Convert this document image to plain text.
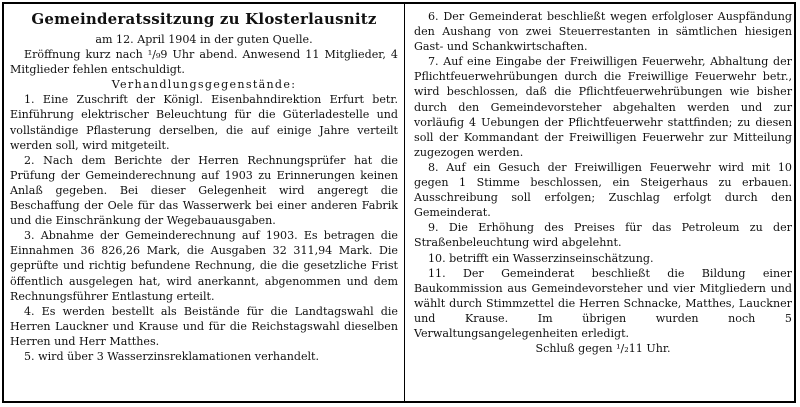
Gemeinderatssitzung zu Klosterlausnitz

am 12. April 1904 in der guten Quelle.

Eröffnung kurz nach ¹/₉9 Uhr abend. Anwesend 11 Mitglieder, 4 Mitglieder fehlen entschuldigt.

Verhandlungsgegenstände:

1. Eine Zuschrift der Königl. Eisenbahndirektion Erfurt betr. Einführung elektrischer Beleuchtung für die Güterladestelle und vollständige Pflasterung derselben, die auf einige Jahre verteilt werden soll, wird mitgeteilt.

2. Nach dem Berichte der Herren Rechnungsprüfer hat die Prüfung der Gemeinderechnung auf 1903 zu Erinnerungen keinen Anlaß gegeben. Bei dieser Gelegenheit wird angeregt die Beschaffung der Oele für das Wasserwerk bei einer anderen Fabrik und die Einschränkung der Wegebauausgaben.

3. Abnahme der Gemeinderechnung auf 1903. Es betragen die Einnahmen 36 826,26 Mark, die Ausgaben 32 311,94 Mark. Die geprüfte und richtig befundene Rechnung, die die gesetzliche Frist öffentlich ausgelegen hat, wird anerkannt, abgenommen und dem Rechnungsführer Entlastung erteilt.

4. Es werden bestellt als Beistände für die Landtagswahl die Herren Lauckner und Krause und für die Reichstagswahl dieselben Herren und Herr Matthes.

5. wird über 3 Wasserzinsreklamationen verhandelt.

6. Der Gemeinderat beschließt wegen erfolgloser Auspfändung den Aushang von zwei Steuerrestanten in sämtlichen hiesigen Gast- und Schankwirtschaften.

7. Auf eine Eingabe der Freiwilligen Feuerwehr, Abhaltung der Pflichtfeuerwehrübungen durch die Freiwillige Feuerwehr betr., wird beschlossen, daß die Pflichtfeuerwehrübungen wie bisher durch den Gemeindevorsteher abgehalten werden und zur vorläufig 4 Uebungen der Pflichtfeuerwehr stattfinden; zu diesen soll der Kommandant der Freiwilligen Feuerwehr zur Mitteilung zugezogen werden.

8. Auf ein Gesuch der Freiwilligen Feuerwehr wird mit 10 gegen 1 Stimme beschlossen, ein Steigerhaus zu erbauen. Ausschreibung soll erfolgen; Zuschlag erfolgt durch den Gemeinderat.

9. Die Erhöhung des Preises für das Petroleum zu der Straßenbeleuchtung wird abgelehnt.

10. betrifft ein Wasserzinseinschätzung.

11. Der Gemeinderat beschließt die Bildung einer Baukommission aus Gemeindevorsteher und vier Mitgliedern und wählt durch Stimmzettel die Herren Schnacke, Matthes, Lauckner und Krause. Im übrigen wurden noch 5 Verwaltungsangelegenheiten erledigt.

Schluß gegen ¹/₂11 Uhr.
